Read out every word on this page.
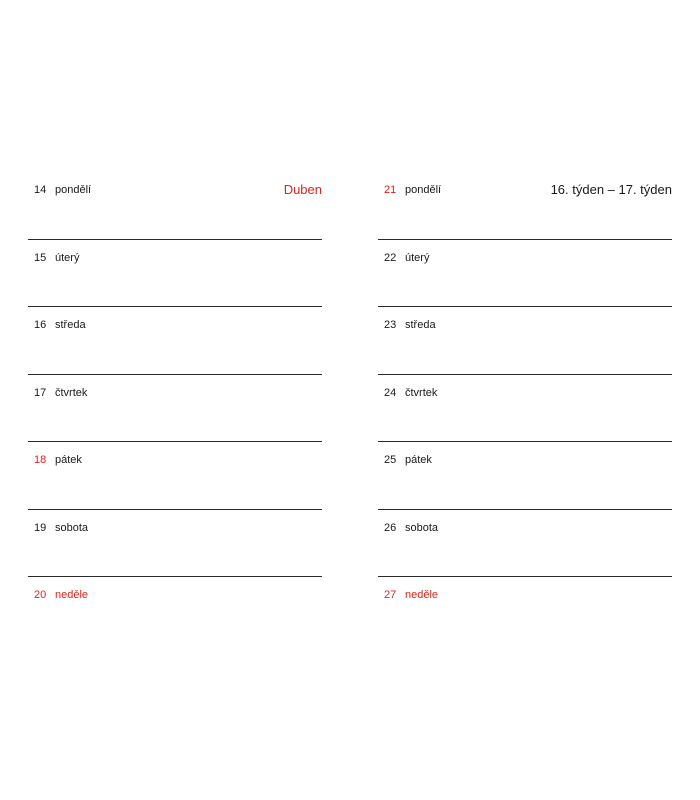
Duben
14 pondělí
15 úterý
16 středa
17 čtvrtek
18 pátek
19 sobota
20 neděle
16. týden – 17. týden
21 pondělí
22 úterý
23 středa
24 čtvrtek
25 pátek
26 sobota
27 neděle
